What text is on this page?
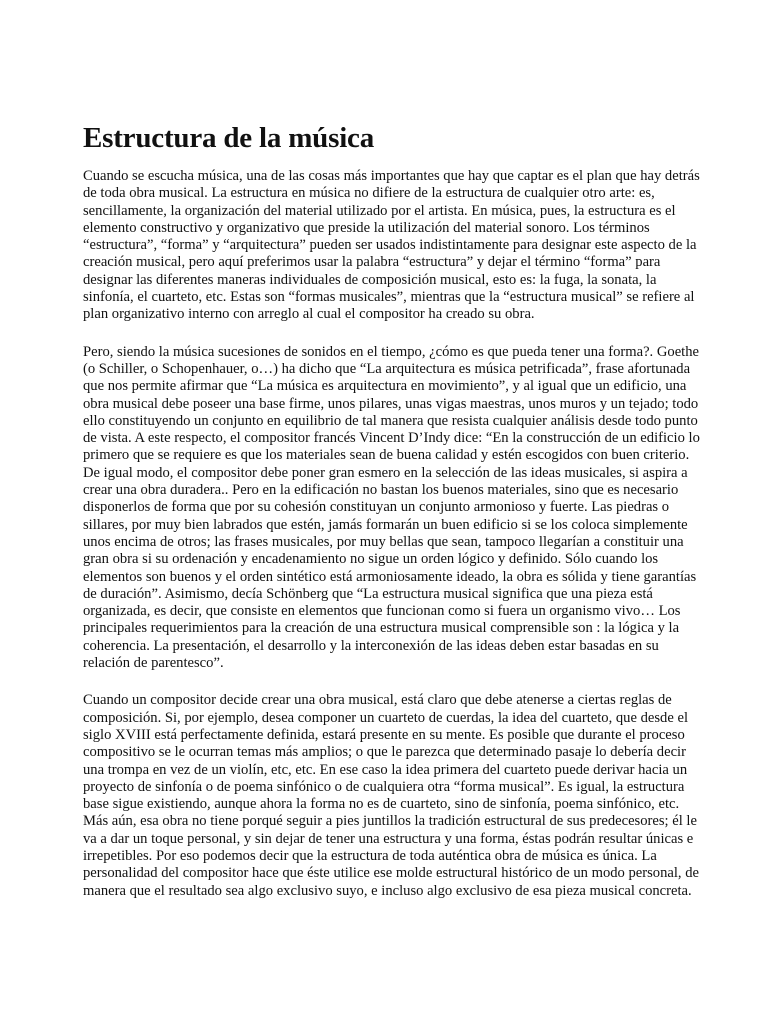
Estructura de la música

Cuando se escucha música, una de las cosas más importantes que hay que captar es el plan que hay detrás de toda obra musical. La estructura en música no difiere de la estructura de cualquier otro arte: es, sencillamente, la organización del material utilizado por el artista. En música, pues, la estructura es el elemento constructivo y organizativo que preside la utilización del material sonoro. Los términos “estructura”, “forma” y “arquitectura” pueden ser usados indistintamente para designar este aspecto de la creación musical, pero aquí preferimos usar la palabra “estructura” y dejar el término “forma” para designar las diferentes maneras individuales de composición musical, esto es: la fuga, la sonata, la sinfonía, el cuarteto, etc. Estas son “formas musicales”, mientras que la “estructura musical” se refiere al plan organizativo interno con arreglo al cual el compositor ha creado su obra.

Pero, siendo la música sucesiones de sonidos en el tiempo, ¿cómo es que pueda tener una forma?. Goethe (o Schiller, o Schopenhauer, o…) ha dicho que “La arquitectura es música petrificada”, frase afortunada que nos permite afirmar que “La música es arquitectura en movimiento”, y al igual que un edificio, una obra musical debe poseer una base firme, unos pilares, unas vigas maestras, unos muros y un tejado; todo ello constituyendo un conjunto en equilibrio de tal manera que resista cualquier análisis desde todo punto de vista. A este respecto, el compositor francés Vincent D’Indy dice: “En la construcción de un edificio lo primero que se requiere es que los materiales sean de buena calidad y estén escogidos con buen criterio. De igual modo, el compositor debe poner gran esmero en la selección de las ideas musicales, si aspira a crear una obra duradera.. Pero en la edificación no bastan los buenos materiales, sino que es necesario disponerlos de forma que por su cohesión constituyan un conjunto armonioso y fuerte. Las piedras o sillares, por muy bien labrados que estén, jamás formarán un buen edificio si se los coloca simplemente unos encima de otros; las frases musicales, por muy bellas que sean, tampoco llegarían a constituir una gran obra si su ordenación y encadenamiento no sigue un orden lógico y definido. Sólo cuando los elementos son buenos y el orden sintético está armoniosamente ideado, la obra es sólida y tiene garantías de duración”. Asimismo, decía Schönberg que “La estructura musical significa que una pieza está organizada, es decir, que consiste en elementos que funcionan como si fuera un organismo vivo… Los principales requerimientos para la creación de una estructura musical comprensible son : la lógica y la coherencia. La presentación, el desarrollo y la interconexión de las ideas deben estar basadas en su relación de parentesco”.

Cuando un compositor decide crear una obra musical, está claro que debe atenerse a ciertas reglas de composición. Si, por ejemplo, desea componer un cuarteto de cuerdas, la idea del cuarteto, que desde el siglo XVIII está perfectamente definida, estará presente en su mente. Es posible que durante el proceso compositivo se le ocurran temas más amplios; o que le parezca que determinado pasaje lo debería decir una trompa en vez de un violín, etc, etc. En ese caso la idea primera del cuarteto puede derivar hacia un proyecto de sinfonía o de poema sinfónico o de cualquiera otra “forma musical”. Es igual, la estructura base sigue existiendo, aunque ahora la forma no es de cuarteto, sino de sinfonía, poema sinfónico, etc. Más aún, esa obra no tiene porqué seguir a pies juntillos la tradición estructural de sus predecesores; él le va a dar un toque personal, y sin dejar de tener una estructura y una forma, éstas podrán resultar únicas e irrepetibles. Por eso podemos decir que la estructura de toda auténtica obra de música es única. La personalidad del compositor hace que éste utilice ese molde estructural histórico de un modo personal, de manera que el resultado sea algo exclusivo suyo, e incluso algo exclusivo de esa pieza musical concreta.
